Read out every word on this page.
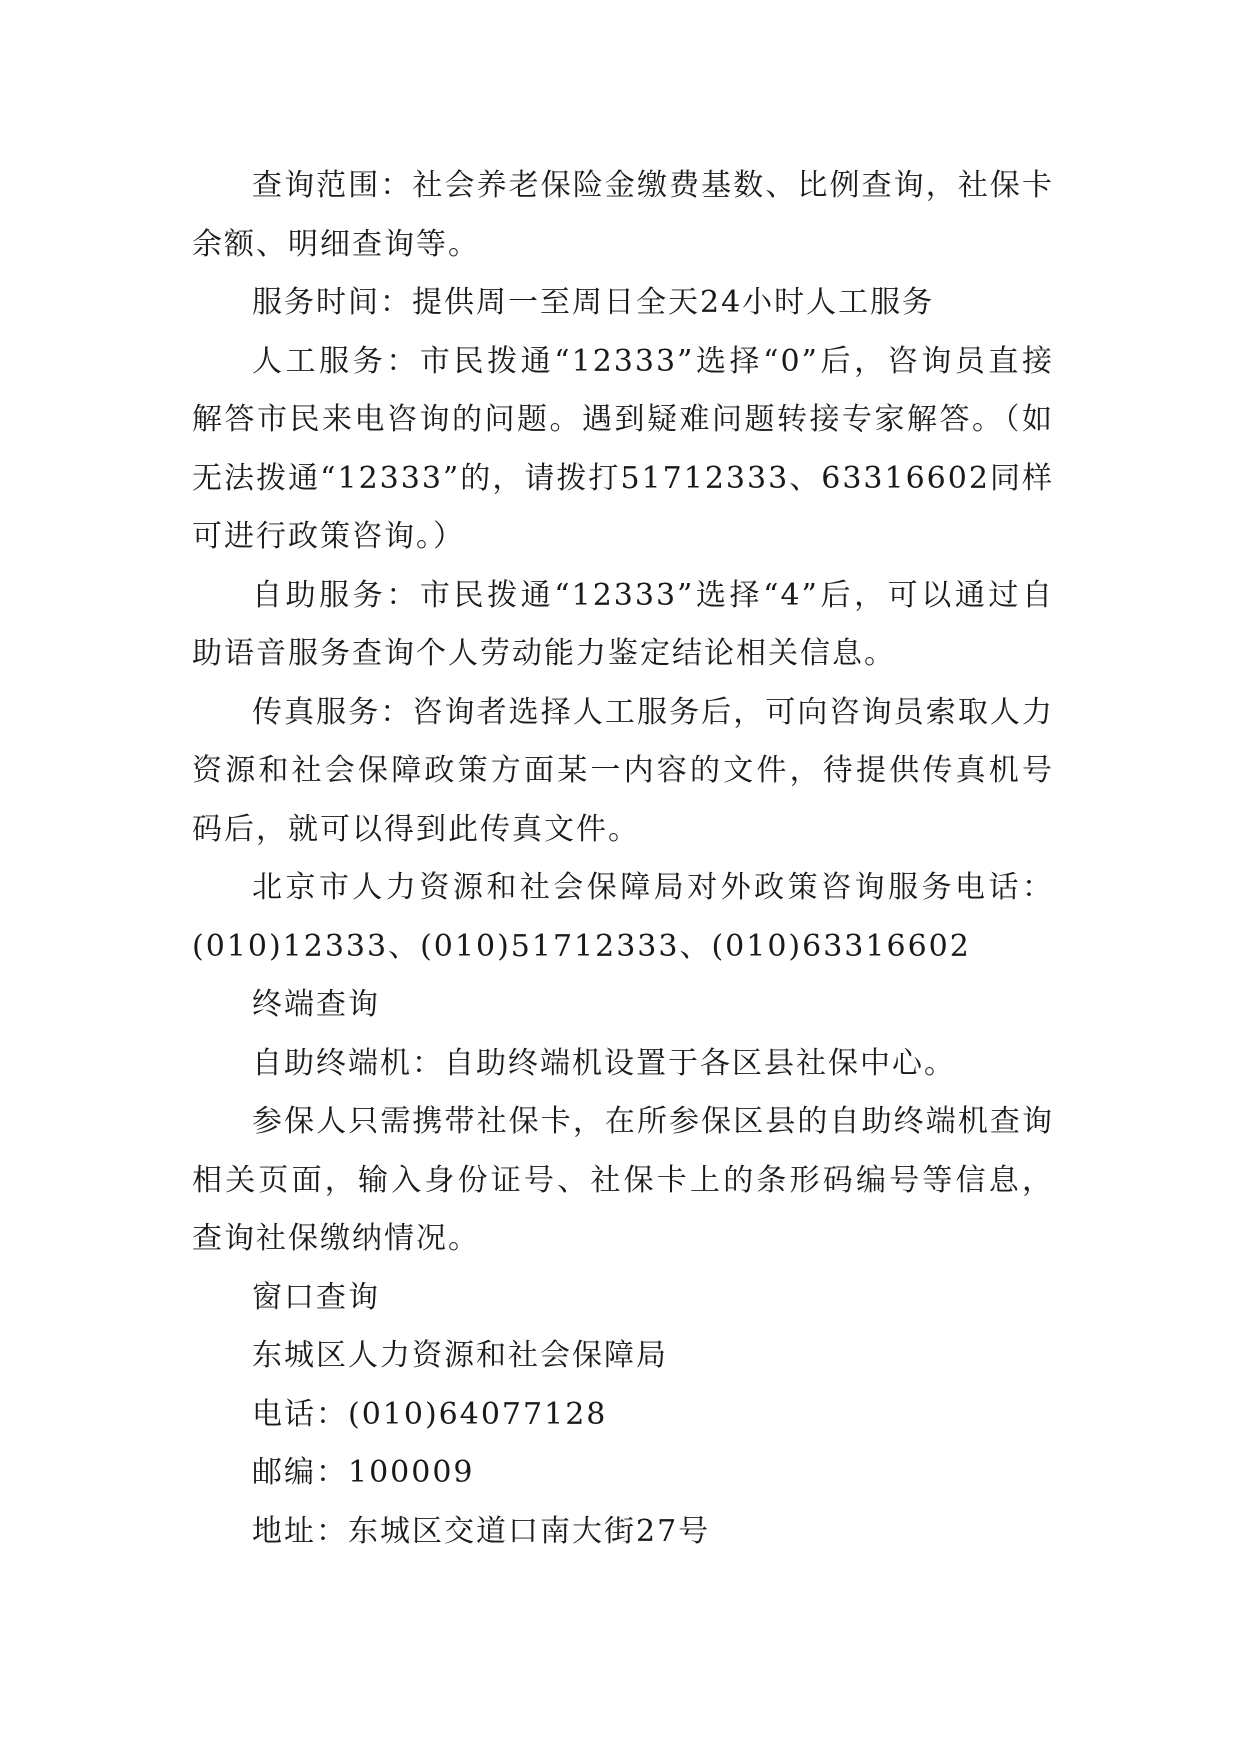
查询范围：社会养老保险金缴费基数、比例查询，社保卡余额、明细查询等。

服务时间：提供周一至周日全天24小时人工服务

人工服务：市民拨通“12333”选择“0”后，咨询员直接解答市民来电咨询的问题。遇到疑难问题转接专家解答。（如无法拨通“12333”的，请拨打51712333、63316602同样可进行政策咨询。）

自助服务：市民拨通“12333”选择“4”后，可以通过自助语音服务查询个人劳动能力鉴定结论相关信息。

传真服务：咨询者选择人工服务后，可向咨询员索取人力资源和社会保障政策方面某一内容的文件，待提供传真机号码后，就可以得到此传真文件。

北京市人力资源和社会保障局对外政策咨询服务电话：(010)12333、(010)51712333、(010)63316602

终端查询

自助终端机：自助终端机设置于各区县社保中心。

参保人只需携带社保卡，在所参保区县的自助终端机查询相关页面，输入身份证号、社保卡上的条形码编号等信息，查询社保缴纳情况。

窗口查询

东城区人力资源和社会保障局

电话：(010)64077128

邮编：100009

地址：东城区交道口南大街27号
